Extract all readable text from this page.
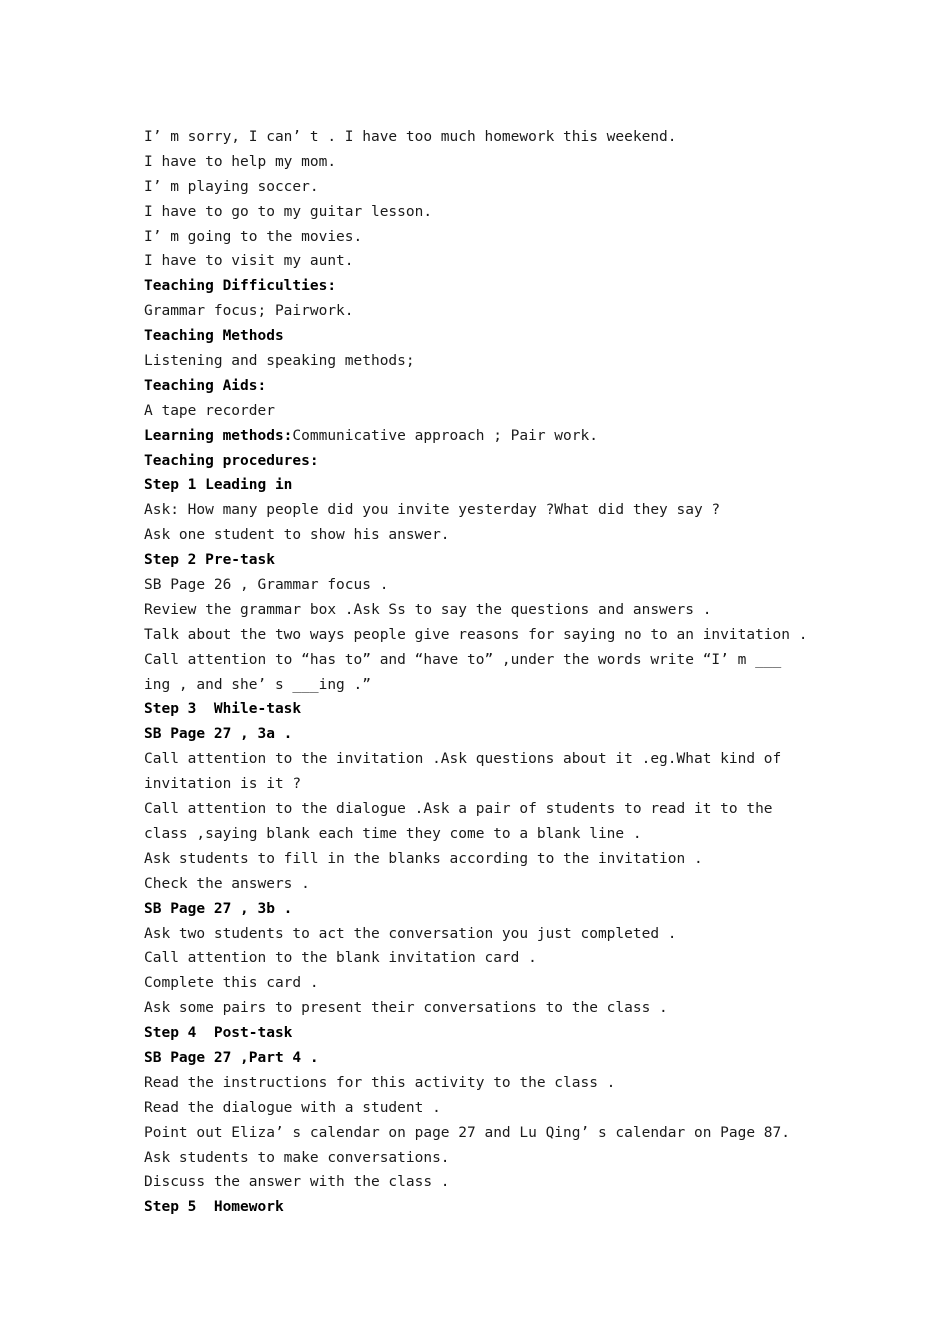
I’ m sorry, I can’ t . I have too much homework this weekend.
I have to help my mom.
I’ m playing soccer.
I have to go to my guitar lesson.
I’ m going to the movies.
I have to visit my aunt.
Teaching Difficulties:
Grammar focus; Pairwork.
Teaching Methods
Listening and speaking methods;
Teaching Aids:
A tape recorder
Learning methods:Communicative approach ; Pair work.
Teaching procedures:
Step 1 Leading in
Ask: How many people did you invite yesterday ?What did they say ?
Ask one student to show his answer.
Step 2 Pre-task
SB Page 26 , Grammar focus .
Review the grammar box .Ask Ss to say the questions and answers .
Talk about the two ways people give reasons for saying no to an invitation .
Call attention to “has to” and “have to” ,under the words write “I’ m ___
ing , and she’ s ___ing .”
Step 3  While-task
SB Page 27 , 3a .
Call attention to the invitation .Ask questions about it .eg.What kind of
invitation is it ?
Call attention to the dialogue .Ask a pair of students to read it to the
class ,saying blank each time they come to a blank line .
Ask students to fill in the blanks according to the invitation .
Check the answers .
SB Page 27 , 3b .
Ask two students to act the conversation you just completed .
Call attention to the blank invitation card .
Complete this card .
Ask some pairs to present their conversations to the class .
Step 4  Post-task
SB Page 27 ,Part 4 .
Read the instructions for this activity to the class .
Read the dialogue with a student .
Point out Eliza’ s calendar on page 27 and Lu Qing’ s calendar on Page 87.
Ask students to make conversations.
Discuss the answer with the class .
Step 5  Homework
